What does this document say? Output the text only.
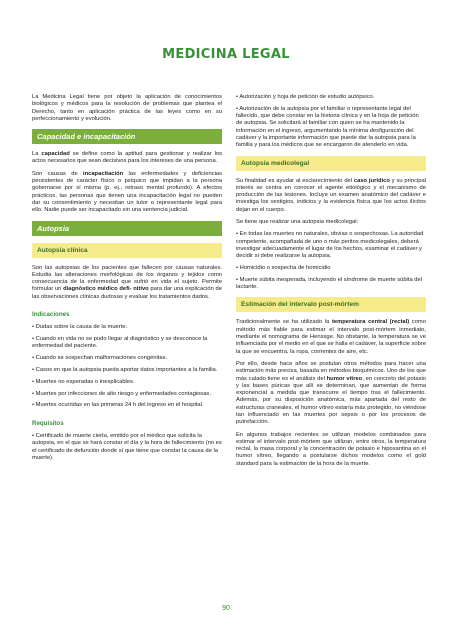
MEDICINA LEGAL

La Medicina Legal tiene por objeto la aplicación de conocimientos biológicos y médicos para la resolución de problemas que plantea el Derecho, tanto en aplicación práctica de las leyes como en su perfeccionamiento y evolución.

Capacidad e incapacitación

La capacidad se define como la aptitud para gestionar y realizar los actos necesarios que sean decisivos para los intereses de una persona.

Son causas de incapacitación las enfermedades y deficiencias persistentes de carácter físico o psíquico que impidan a la persona gobernarse por sí misma (p. ej., retraso mental profundo). A efectos prácticos, las personas que tienen una incapacitación legal no pueden dar su consentimiento y necesitan un tutor o representante legal para ello. Nadie puede ser incapacitado sin una sentencia judicial.

Autopsia
Autopsia clínica

Son las autopsias de los pacientes que fallecen por causas naturales. Estudia las alteraciones morfológicas de los órganos y tejidos como consecuencia de la enfermedad que sufrió en vida el sujeto. Permite formular un diagnóstico médico defi- nitivo para dar una explicación de las observaciones clínicas dudosas y evaluar los tratamientos dados.

Indicaciones

• Dudas sobre la causa de la muerte.

• Cuando en vida no se pudo llegar al diagnóstico y se desconoce la enfermedad del paciente.

• Cuando se sospechan malformaciones congénitas.

• Casos en que la autopsia pueda aportar datos importantes a la familia.

• Muertes no esperadas o inexplicables.

• Muertes por infecciones de alto riesgo y enfermedades contagiosas.

• Muertes ocurridas en las primeras 24 h del ingreso en el hospital.

Requisitos

• Certificado de muerte cierta, emitido por el médico que solicita la autopsia, en el que se hará constar el día y la hora de fallecimiento (no es el certificado de defunción donde sí que tiene que constar la causa de la muerte).

• Autorización y hoja de petición de estudio autópsico.

• Autorización de la autopsia por el familiar o representante legal del fallecido, que debe constar en la historia clínica y en la hoja de petición de autopsia. Se solicitará al familiar con quien se ha mantenido la información en el ingreso, argumentando la mínima desfiguración del cadáver y la importante información que puede dar la autopsia para la familia y para los médicos que se encargaron de atenderlo en vida.

Autopsia medicolegal

Su finalidad es ayudar al esclarecimiento del caso jurídico y su principal interés se centra en conocer el agente etiológico y el mecanismo de producción de las lesiones. Incluye un examen anatómico del cadáver e investiga los vestigios, indicios y la evidencia física que los actos ilícitos dejan en el cuerpo.

Se tiene que realizar una autopsia medicolegal:

• En todas las muertes no naturales, obvias o sospechosas. La autoridad competente, acompañada de uno o más peritos medicolegales, deberá investigar adecuadamente el lugar de los hechos, examinar el cadáver y decidir si debe realizarse la autopsia.

• Homicidio o sospecha de homicidio

• Muerte súbita inesperada, incluyendo el síndrome de muerte súbita del lactante.

Estimación del intervalo post-mórtem

Tradicionalmente se ha utilizado la temperatura central (rectal) como método más fiable para estimar el intervalo post-mórtem inmediato, mediante el nomograma de Henssge. No obstante, la temperatura se ve influenciada por el medio en el que se halla el cadáver, la superficie sobre la que se encuentra, la ropa, corrientes de aire, etc.

Por ello, desde hace años se postulan otros métodos para hacer una estimación más precisa, basada en métodos bioquímicos. Uno de los que más calado tiene es el análisis del humor vítreo, en concreto del potasio y las bases púricas que allí se determinan, que aumentan de forma exponencial a medida que transcurre el tiempo tras el fallecimiento. Además, por su disposición anatómica, más apartada del resto de estructuras craneales, el humor vítreo estaría más protegido, no viéndose tan influenciado en las muertes por sepsis o por los procesos de putrefacción.

En algunos trabajos recientes se utilizan modelos combinados para estimar el intervalo post-mórtem que utilizan, entre otros, la temperatura rectal, la masa corporal y la concentración de potasio e hipoxantina en el humor vítreo, llegando a postularse dichos modelos como el gold standard para la estimación de la hora de la muerte.

90
